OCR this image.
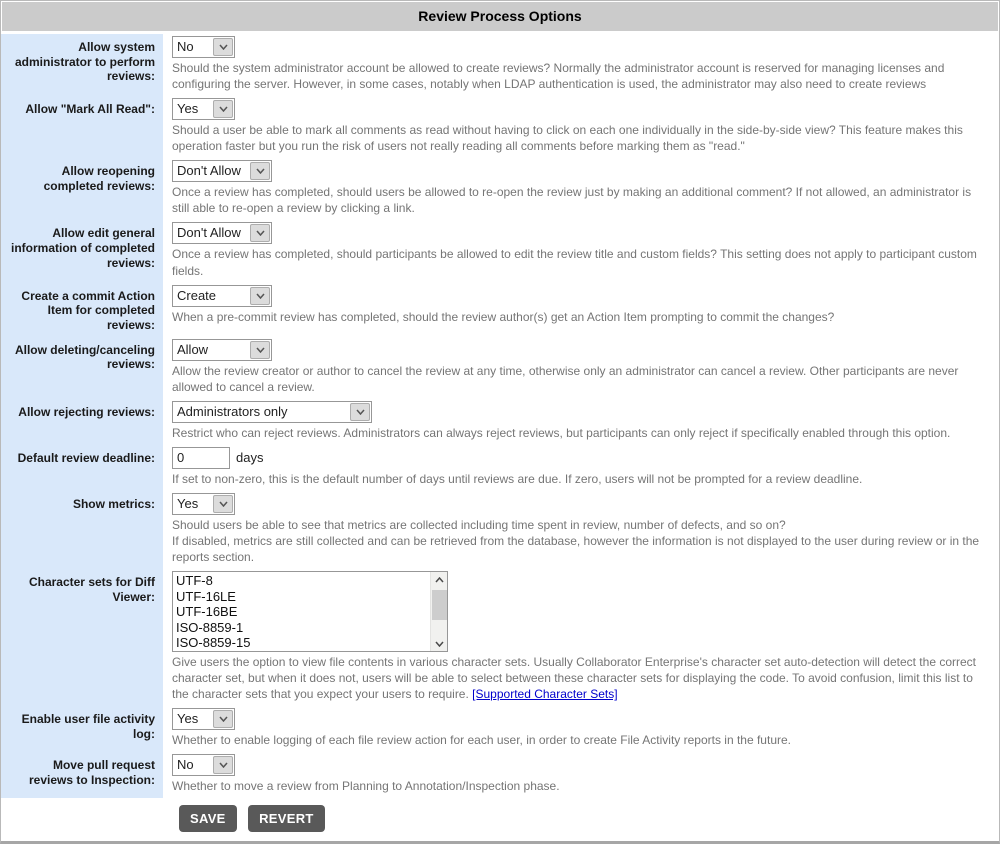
Review Process Options
Allow system administrator to perform reviews:
No
Should the system administrator account be allowed to create reviews? Normally the administrator account is reserved for managing licenses and configuring the server. However, in some cases, notably when LDAP authentication is used, the administrator may also need to create reviews
Allow "Mark All Read":	Yes
Should a user be able to mark all comments as read without having to click on each one individually in the side-by-side view? This feature makes this operation faster but you run the risk of users not really reading all comments before marking them as "read."
Allow reopening completed reviews:
Don't Allow
Once a review has completed, should users be allowed to re-open the review just by making an additional comment? If not allowed, an administrator is still able to re-open a review by clicking a link.
Allow edit general information of completed reviews:
Don't Allow
Once a review has completed, should participants be allowed to edit the review title and custom fields? This setting does not apply to participant custom fields.
Create a commit Action Item for completed reviews:
Create
When a pre-commit review has completed, should the review author(s) get an Action Item prompting to commit the changes?
Allow deleting/canceling reviews:
Allow
Allow the review creator or author to cancel the review at any time, otherwise only an administrator can cancel a review. Other participants are never allowed to cancel a review.
Allow rejecting reviews:	Administrators only
Restrict who can reject reviews. Administrators can always reject reviews, but participants can only reject if specifically enabled through this option.
Default review deadline:
0	days
If set to non-zero, this is the default number of days until reviews are due. If zero, users will not be prompted for a review deadline.
Show metrics:	Yes
Should users be able to see that metrics are collected including time spent in review, number of defects, and so on?
If disabled, metrics are still collected and can be retrieved from the database, however the information is not displayed to the user during review or in the reports section.
Character sets for Diff Viewer:
UTF-8
UTF-16LE
UTF-16BE
ISO-8859-1
ISO-8859-15
Give users the option to view file contents in various character sets. Usually Collaborator Enterprise's character set auto-detection will detect the correct character set, but when it does not, users will be able to select between these character sets for displaying the code. To avoid confusion, limit this list to the character sets that you expect your users to require. [Supported Character Sets]
Enable user file activity log:
Yes
Whether to enable logging of each file review action for each user, in order to create File Activity reports in the future.
Move pull request reviews to Inspection:
No
Whether to move a review from Planning to Annotation/Inspection phase.
SAVE	REVERT
